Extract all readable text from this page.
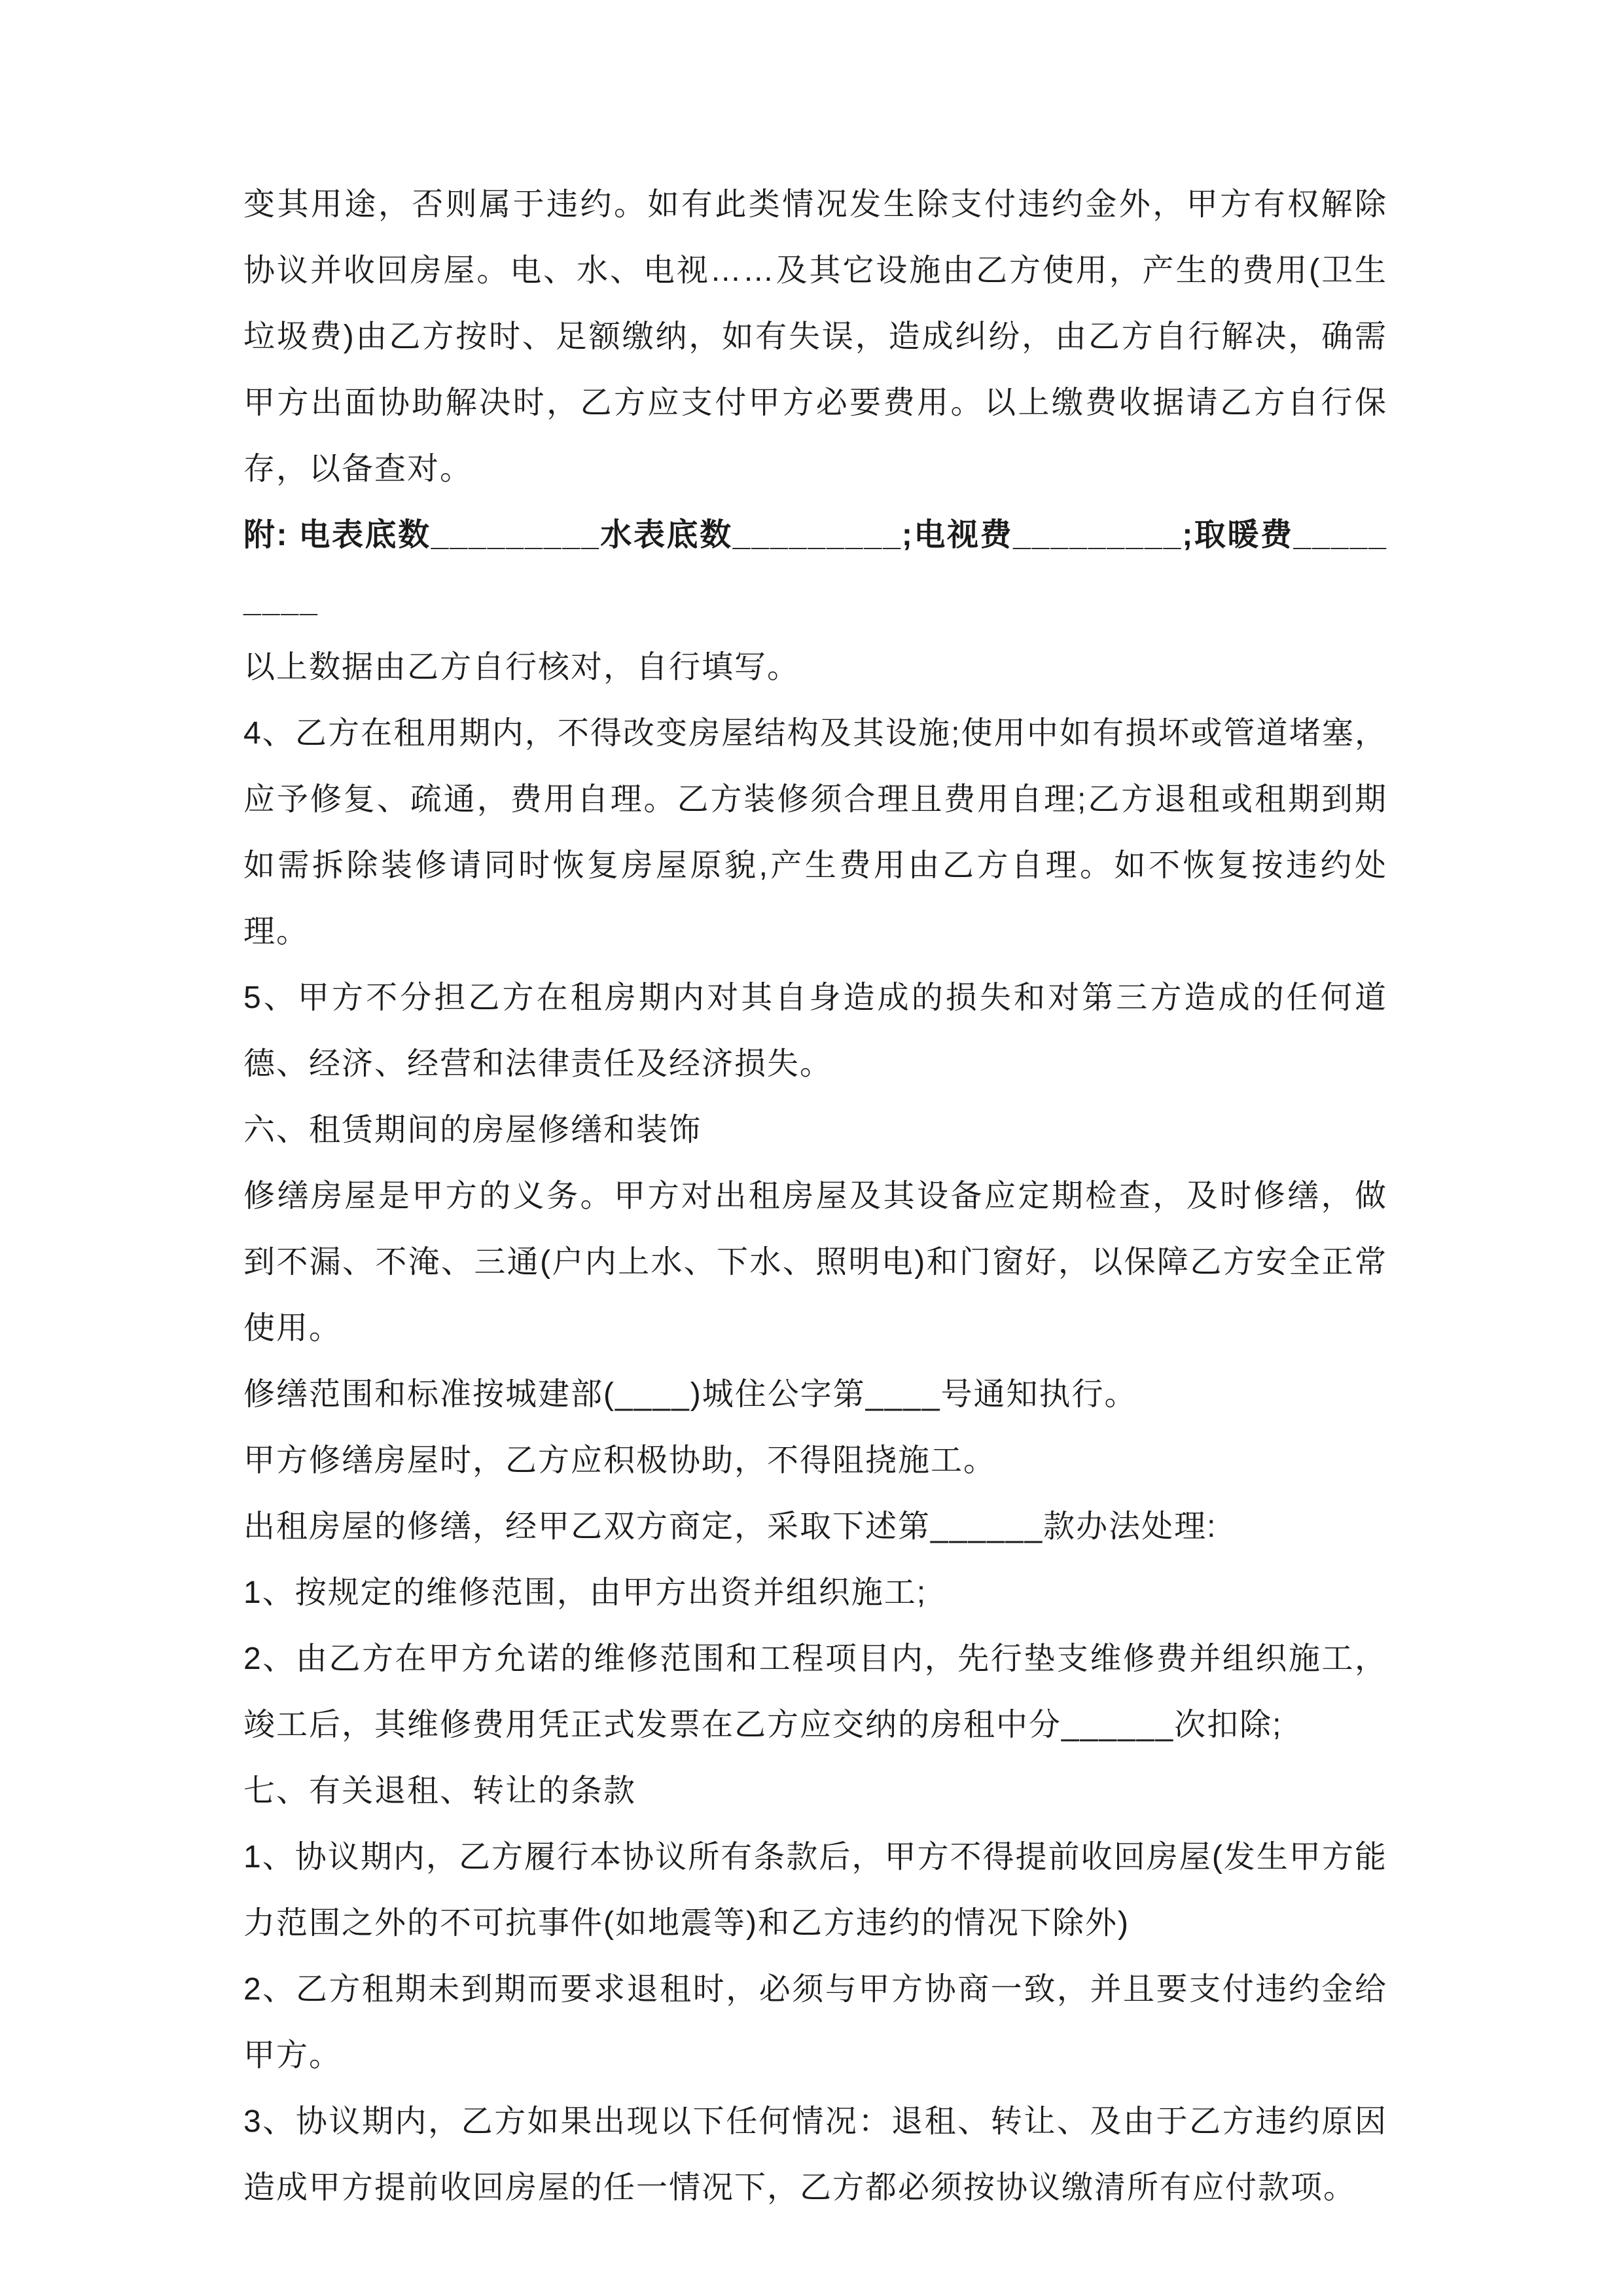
变其用途，否则属于违约。如有此类情况发生除支付违约金外，甲方有权解除协议并收回房屋。电、水、电视……及其它设施由乙方使用，产生的费用(卫生垃圾费)由乙方按时、足额缴纳，如有失误，造成纠纷，由乙方自行解决，确需甲方出面协助解决时，乙方应支付甲方必要费用。以上缴费收据请乙方自行保存，以备查对。

附: 电表底数_________水表底数_________;电视费_________;取暖费_________

以上数据由乙方自行核对，自行填写。

4、乙方在租用期内，不得改变房屋结构及其设施;使用中如有损坏或管道堵塞，应予修复、疏通，费用自理。乙方装修须合理且费用自理;乙方退租或租期到期如需拆除装修请同时恢复房屋原貌,产生费用由乙方自理。如不恢复按违约处理。

5、甲方不分担乙方在租房期内对其自身造成的损失和对第三方造成的任何道德、经济、经营和法律责任及经济损失。

六、租赁期间的房屋修缮和装饰

修缮房屋是甲方的义务。甲方对出租房屋及其设备应定期检查，及时修缮，做到不漏、不淹、三通(户内上水、下水、照明电)和门窗好，以保障乙方安全正常使用。

修缮范围和标准按城建部(____)城住公字第____号通知执行。

甲方修缮房屋时，乙方应积极协助，不得阻挠施工。

出租房屋的修缮，经甲乙双方商定，采取下述第______款办法处理:

1、按规定的维修范围，由甲方出资并组织施工;

2、由乙方在甲方允诺的维修范围和工程项目内，先行垫支维修费并组织施工，竣工后，其维修费用凭正式发票在乙方应交纳的房租中分______次扣除;

七、有关退租、转让的条款

1、协议期内，乙方履行本协议所有条款后，甲方不得提前收回房屋(发生甲方能力范围之外的不可抗事件(如地震等)和乙方违约的情况下除外)

2、乙方租期未到期而要求退租时，必须与甲方协商一致，并且要支付违约金给甲方。

3、协议期内，乙方如果出现以下任何情况：退租、转让、及由于乙方违约原因造成甲方提前收回房屋的任一情况下，乙方都必须按协议缴清所有应付款项。
